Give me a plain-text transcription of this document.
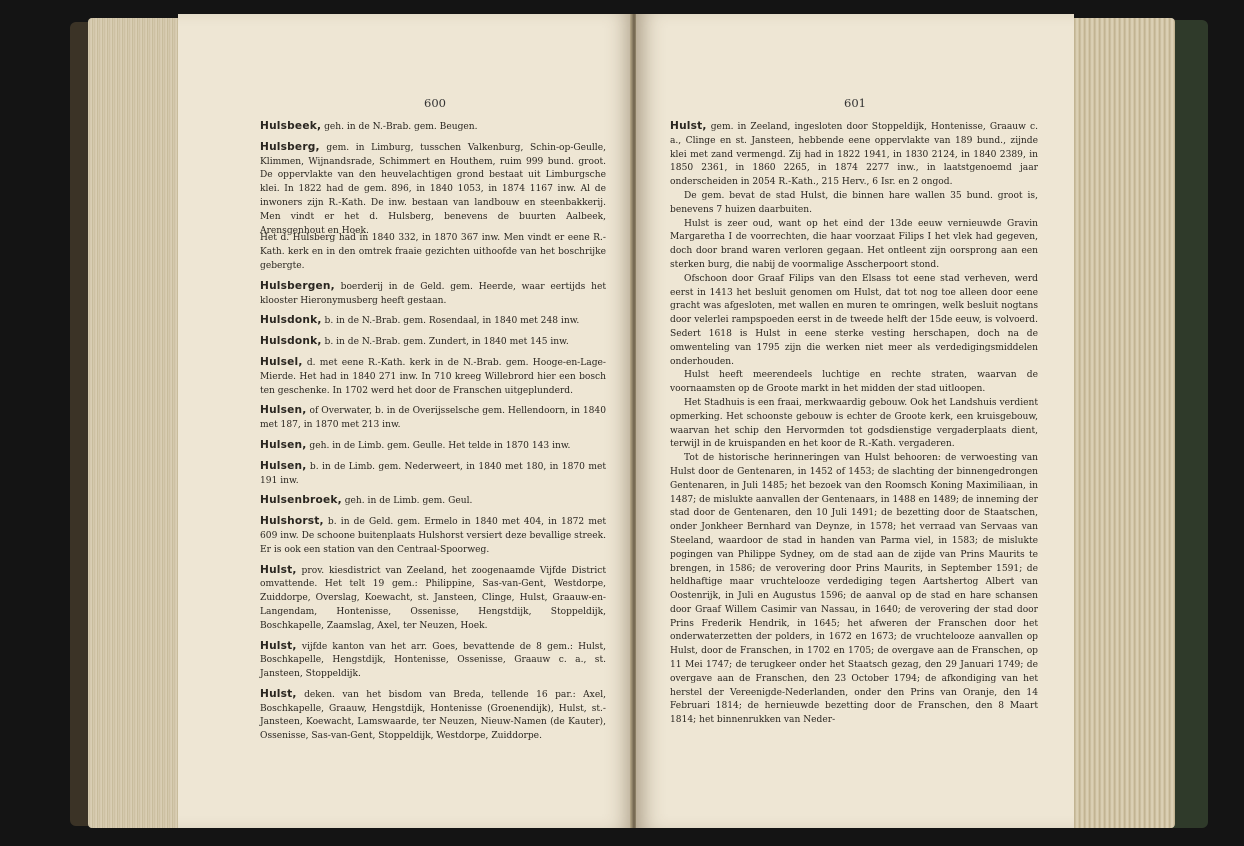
600

Hulsbeek, geh. in de N.-Brab. gem. Beugen.

Hulsberg, gem. in Limburg, tusschen Valkenburg, Schin-op-Geulle, Klimmen, Wijnandsrade, Schimmert en Houthem, ruim 999 bund. groot. De oppervlakte van den heuvelachtigen grond bestaat uit Limburgsche klei. In 1822 had de gem. 896, in 1840 1053, in 1874 1167 inw. Al de inwoners zijn R.-Kath. De inw. bestaan van landbouw en steenbakkerij. Men vindt er het d. Hulsberg, benevens de buurten Aalbeek, Arensgenhout en Hoek.

Het d. Hulsberg had in 1840 332, in 1870 367 inw. Men vindt er eene R.-Kath. kerk en in den omtrek fraaie gezichten uithoofde van het boschrijke gebergte.

Hulsbergen, boerderij in de Geld. gem. Heerde, waar eertijds het klooster Hieronymusberg heeft gestaan.

Hulsdonk, b. in de N.-Brab. gem. Rosendaal, in 1840 met 248 inw.

Hulsdonk, b. in de N.-Brab. gem. Zundert, in 1840 met 145 inw.

Hulsel, d. met eene R.-Kath. kerk in de N.-Brab. gem. Hooge-en-Lage-Mierde. Het had in 1840 271 inw. In 710 kreeg Willebrord hier een bosch ten geschenke. In 1702 werd het door de Franschen uitgeplunderd.

Hulsen, of Overwater, b. in de Overijsselsche gem. Hellendoorn, in 1840 met 187, in 1870 met 213 inw.

Hulsen, geh. in de Limb. gem. Geulle. Het telde in 1870 143 inw.

Hulsen, b. in de Limb. gem. Nederweert, in 1840 met 180, in 1870 met 191 inw.

Hulsenbroek, geh. in de Limb. gem. Geul.

Hulshorst, b. in de Geld. gem. Ermelo in 1840 met 404, in 1872 met 609 inw. De schoone buitenplaats Hulshorst versiert deze bevallige streek. Er is ook een station van den Centraal-Spoorweg.

Hulst, prov. kiesdistrict van Zeeland, het zoogenaamde Vijfde District omvattende. Het telt 19 gem.: Philippine, Sas-van-Gent, Westdorpe, Zuiddorpe, Overslag, Koewacht, st. Jansteen, Clinge, Hulst, Graauw-en-Langendam, Hontenisse, Ossenisse, Hengstdijk, Stoppeldijk, Boschkapelle, Zaamslag, Axel, ter Neuzen, Hoek.

Hulst, vijfde kanton van het arr. Goes, bevattende de 8 gem.: Hulst, Boschkapelle, Hengstdijk, Hontenisse, Ossenisse, Graauw c. a., st. Jansteen, Stoppeldijk.

Hulst, deken. van het bisdom van Breda, tellende 16 par.: Axel, Boschkapelle, Graauw, Hengstdijk, Hontenisse (Groenendijk), Hulst, st.-Jansteen, Koewacht, Lamswaarde, ter Neuzen, Nieuw-Namen (de Kauter), Ossenisse, Sas-van-Gent, Stoppeldijk, Westdorpe, Zuiddorpe.

601

Hulst, gem. in Zeeland, ingesloten door Stoppeldijk, Hontenisse, Graauw c. a., Clinge en st. Jansteen, hebbende eene oppervlakte van 189 bund., zijnde klei met zand vermengd. Zij had in 1822 1941, in 1830 2124, in 1840 2389, in 1850 2361, in 1860 2265, in 1874 2277 inw., in laatstgenoemd jaar onderscheiden in 2054 R.-Kath., 215 Herv., 6 Isr. en 2 ongod.

De gem. bevat de stad Hulst, die binnen hare wallen 35 bund. groot is, benevens 7 huizen daarbuiten.

Hulst is zeer oud, want op het eind der 13de eeuw vernieuwde Gravin Margaretha I de voorrechten, die haar voorzaat Filips I het vlek had gegeven, doch door brand waren verloren gegaan. Het ontleent zijn oorsprong aan een sterken burg, die nabij de voormalige Asscherpoort stond.

Ofschoon door Graaf Filips van den Elsass tot eene stad verheven, werd eerst in 1413 het besluit genomen om Hulst, dat tot nog toe alleen door eene gracht was afgesloten, met wallen en muren te omringen, welk besluit nogtans door velerlei rampspoeden eerst in de tweede helft der 15de eeuw, is volvoerd. Sedert 1618 is Hulst in eene sterke vesting herschapen, doch na de omwenteling van 1795 zijn die werken niet meer als verdedigingsmiddelen onderhouden.

Hulst heeft meerendeels luchtige en rechte straten, waarvan de voornaamsten op de Groote markt in het midden der stad uitloopen.

Het Stadhuis is een fraai, merkwaardig gebouw. Ook het Landshuis verdient opmerking. Het schoonste gebouw is echter de Groote kerk, een kruisgebouw, waarvan het schip den Hervormden tot godsdienstige vergaderplaats dient, terwijl in de kruispanden en het koor de R.-Kath. vergaderen.

Tot de historische herinneringen van Hulst behooren: de verwoesting van Hulst door de Gentenaren, in 1452 of 1453; de slachting der binnengedrongen Gentenaren, in Juli 1485; het bezoek van den Roomsch Koning Maximiliaan, in 1487; de mislukte aanvallen der Gentenaars, in 1488 en 1489; de inneming der stad door de Gentenaren, den 10 Juli 1491; de bezetting door de Staatschen, onder Jonkheer Bernhard van Deynze, in 1578; het verraad van Servaas van Steeland, waardoor de stad in handen van Parma viel, in 1583; de mislukte pogingen van Philippe Sydney, om de stad aan de zijde van Prins Maurits te brengen, in 1586; de verovering door Prins Maurits, in September 1591; de heldhaftige maar vruchtelooze verdediging tegen Aartshertog Albert van Oostenrijk, in Juli en Augustus 1596; de aanval op de stad en hare schansen door Graaf Willem Casimir van Nassau, in 1640; de verovering der stad door Prins Frederik Hendrik, in 1645; het afweren der Franschen door het onderwaterzetten der polders, in 1672 en 1673; de vruchtelooze aanvallen op Hulst, door de Franschen, in 1702 en 1705; de overgave aan de Franschen, op 11 Mei 1747; de terugkeer onder het Staatsch gezag, den 29 Januari 1749; de overgave aan de Franschen, den 23 October 1794; de afkondiging van het herstel der Vereenigde-Nederlanden, onder den Prins van Oranje, den 14 Februari 1814; de hernieuwde bezetting door de Franschen, den 8 Maart 1814; het binnenrukken van Neder-
